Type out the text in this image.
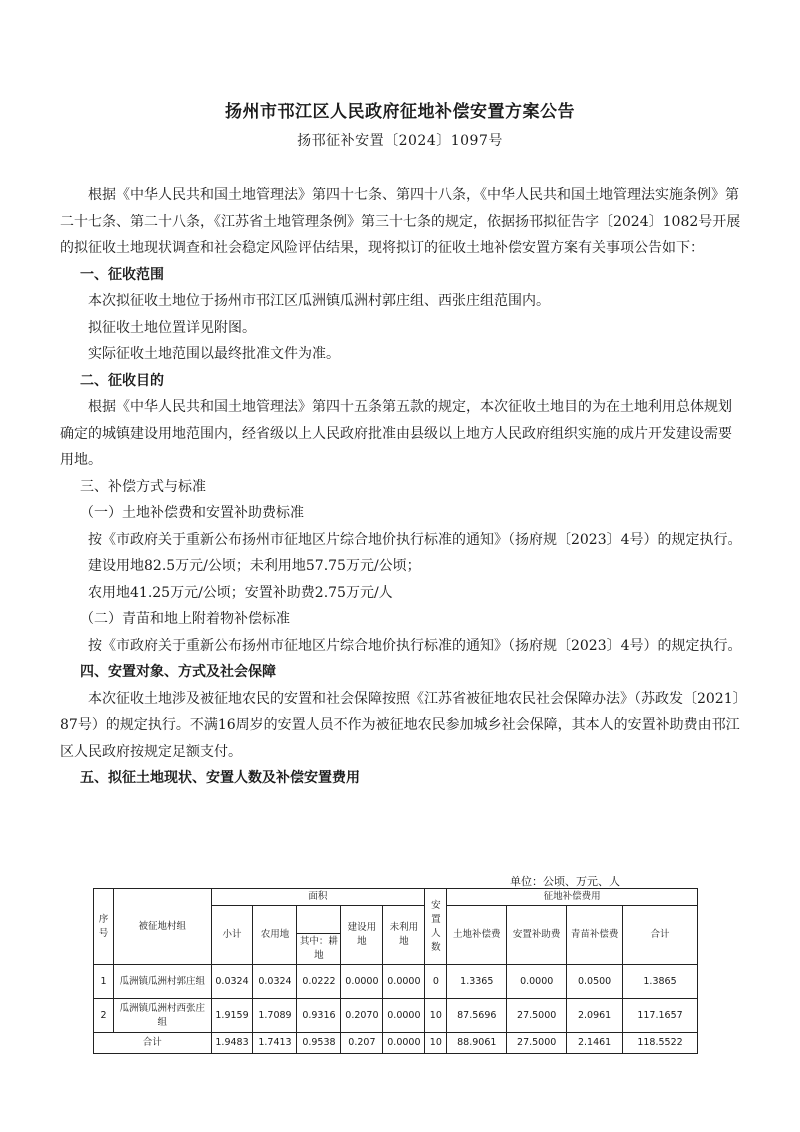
扬州市邗江区人民政府征地补偿安置方案公告
扬邗征补安置〔2024〕1097号

根据《中华人民共和国土地管理法》第四十七条、第四十八条，《中华人民共和国土地管理法实施条例》第二十七条、第二十八条，《江苏省土地管理条例》第三十七条的规定，依据扬邗拟征告字〔2024〕1082号开展的拟征收土地现状调查和社会稳定风险评估结果，现将拟订的征收土地补偿安置方案有关事项公告如下：

一、征收范围

本次拟征收土地位于扬州市邗江区瓜洲镇瓜洲村郭庄组、西张庄组范围内。

拟征收土地位置详见附图。

实际征收土地范围以最终批准文件为准。

二、征收目的

根据《中华人民共和国土地管理法》第四十五条第五款的规定，本次征收土地目的为在土地利用总体规划确定的城镇建设用地范围内，经省级以上人民政府批准由县级以上地方人民政府组织实施的成片开发建设需要用地。

三、补偿方式与标准

（一）土地补偿费和安置补助费标准

按《市政府关于重新公布扬州市征地区片综合地价执行标准的通知》（扬府规〔2023〕4号）的规定执行。

建设用地82.5万元/公顷；未利用地57.75万元/公顷；

农用地41.25万元/公顷；安置补助费2.75万元/人

（二）青苗和地上附着物补偿标准

按《市政府关于重新公布扬州市征地区片综合地价执行标准的通知》（扬府规〔2023〕4号）的规定执行。

四、安置对象、方式及社会保障

本次征收土地涉及被征地农民的安置和社会保障按照《江苏省被征地农民社会保障办法》（苏政发〔2021〕87号）的规定执行。不满16周岁的安置人员不作为被征地农民参加城乡社会保障，其本人的安置补助费由邗江区人民政府按规定足额支付。

五、拟征土地现状、安置人数及补偿安置费用

单位：公顷、万元、人
序号	被征地村组	面积					安置人数	征地补偿费用			
		小计	农用地		建设用地	未利用地		土地补偿费	安置补助费	青苗补偿费	合计
				其中：耕地							
1	瓜洲镇瓜洲村郭庄组	0.0324	0.0324	0.0222	0.0000	0.0000	0	1.3365	0.0000	0.0500	1.3865
2	瓜洲镇瓜洲村西张庄组	1.9159	1.7089	0.9316	0.2070	0.0000	10	87.5696	27.5000	2.0961	117.1657
合计		1.9483	1.7413	0.9538	0.207	0.0000	10	88.9061	27.5000	2.1461	118.5522
